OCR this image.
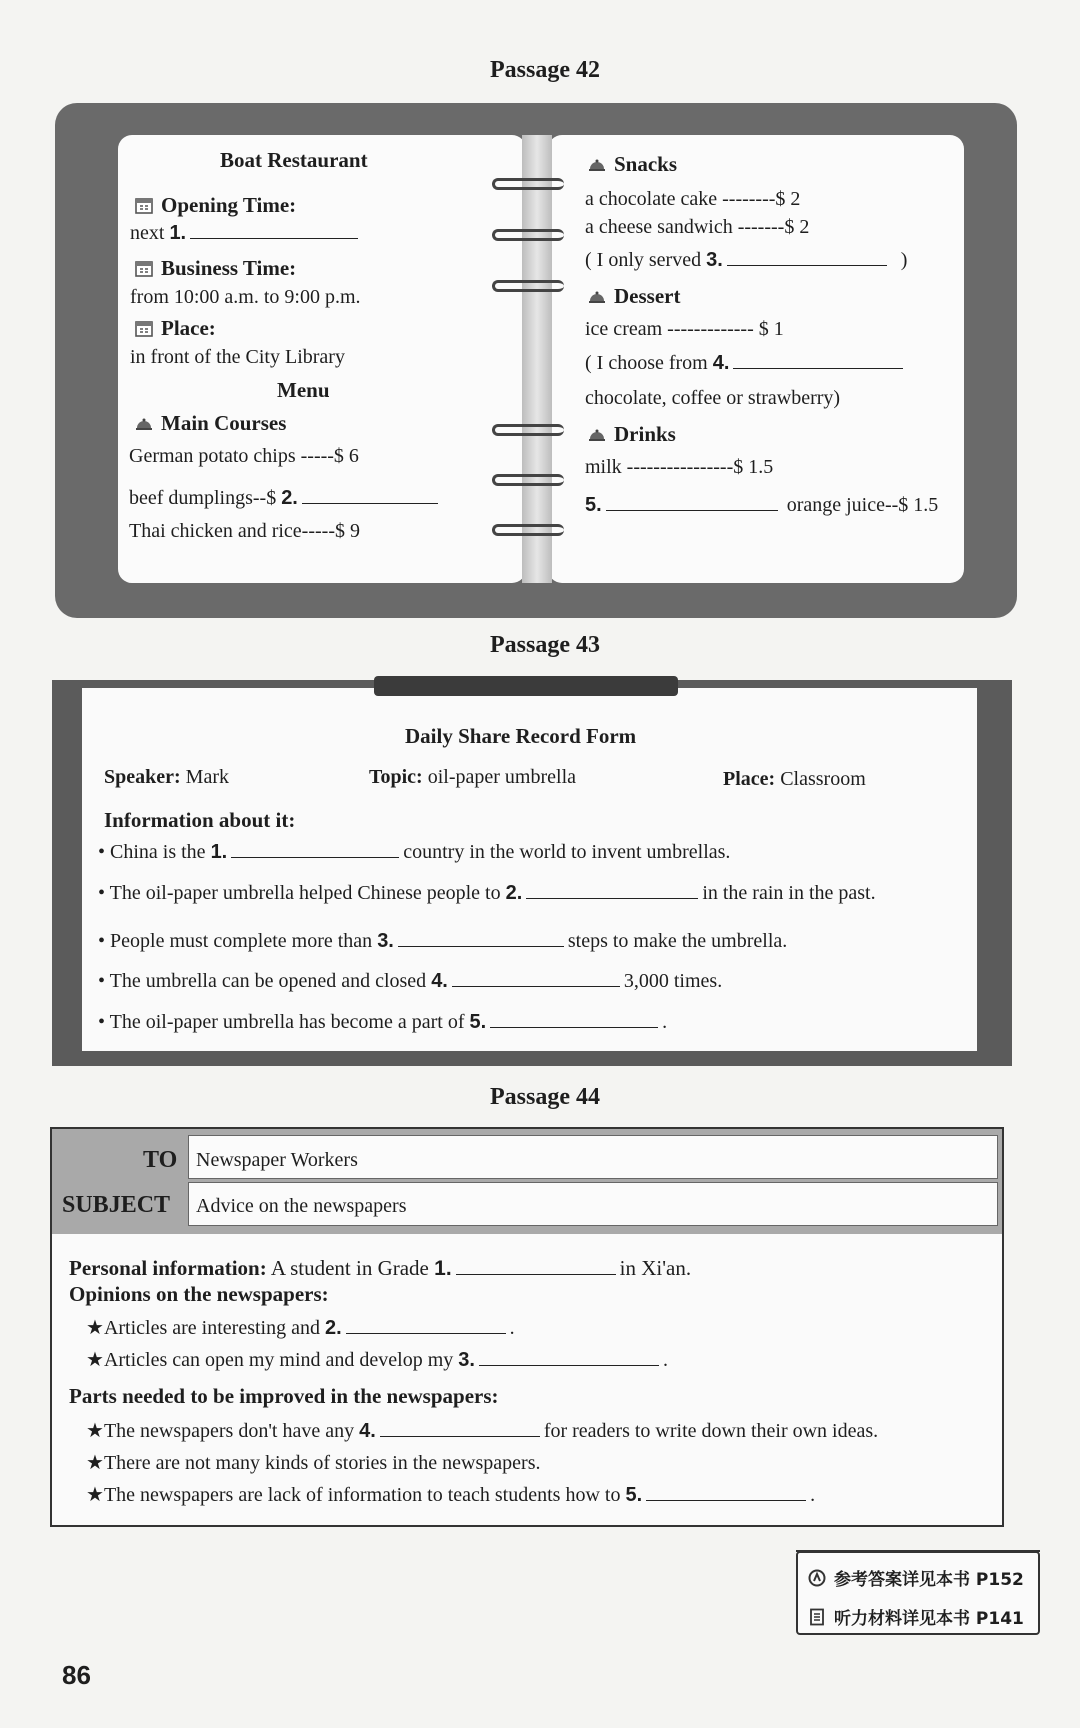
Passage 42
Boat Restaurant
Opening Time:
next 1.
Business Time:
from 10:00 a.m. to 9:00 p.m.
Place:
in front of the City Library
Menu
Main Courses
German potato chips -----$ 6
beef dumplings--$ 2.
Thai chicken and rice-----$ 9
Snacks
a chocolate cake --------$ 2
a cheese sandwich -------$ 2
( I only served 3.	)
Dessert
ice cream ------------- $ 1
( I choose from 4.
chocolate, coffee or strawberry)
Drinks
milk ----------------$ 1.5
5.	orange juice--$ 1.5
Passage 43
Daily Share Record Form
Speaker: Mark	Topic: oil-paper umbrella	Place: Classroom
Information about it:
• China is the 1.	country in the world to invent umbrellas.
• The oil-paper umbrella helped Chinese people to 2.	in the rain in the past.
• People must complete more than 3.	steps to make the umbrella.
• The umbrella can be opened and closed 4.	3,000 times.
• The oil-paper umbrella has become a part of 5.	.
Passage 44
TO Newspaper Workers
SUBJECT Advice on the newspapers
Personal information: A student in Grade 1.	in Xi'an.
Opinions on the newspapers:
★Articles are interesting and 2.	.
★Articles can open my mind and develop my 3.	.
Parts needed to be improved in the newspapers:
★The newspapers don't have any 4.	for readers to write down their own ideas.
★There are not many kinds of stories in the newspapers.
★The newspapers are lack of information to teach students how to 5.	.
参考答案详见本书 P152
听力材料详见本书 P141
86
